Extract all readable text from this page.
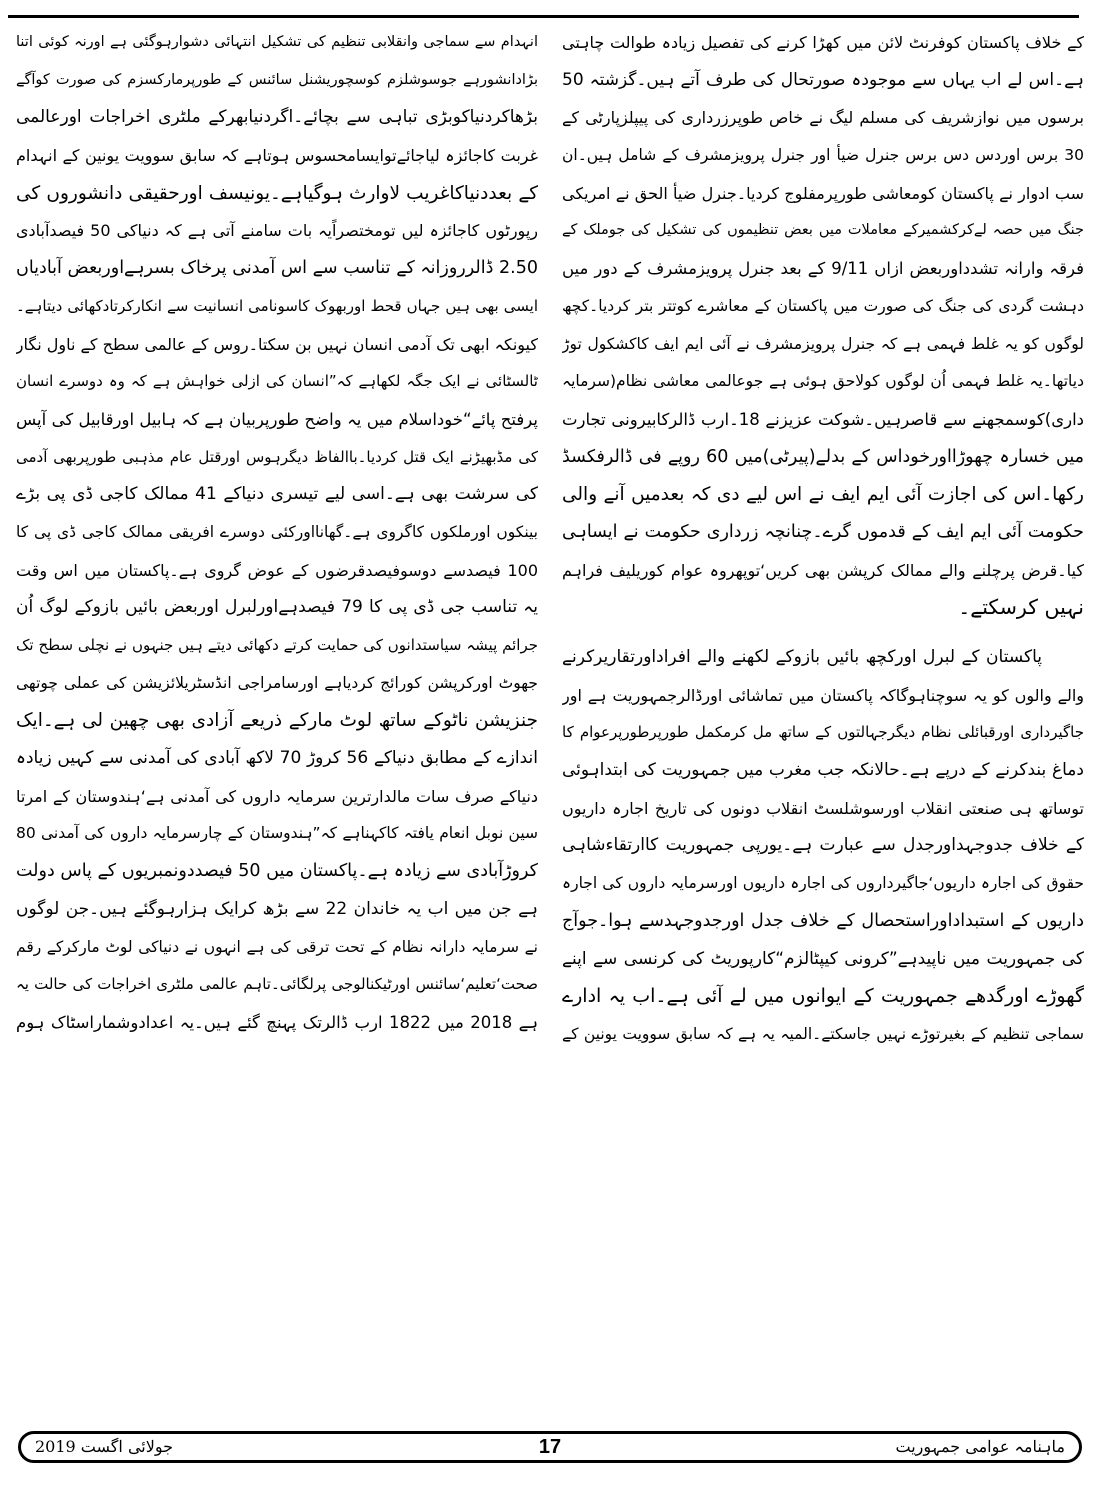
کے خلاف پاکستان کوفرنٹ لائن میں کھڑا کرنے کی تفصیل زیادہ طوالت چاہتی
ہے۔اس لے اب یہاں سے موجودہ صورتحال کی طرف آتے ہیں۔گزشتہ 50
برسوں میں نوازشریف کی مسلم لیگ نے خاص طوپرزرداری کی پیپلزپارٹی کے
30 برس اوردس دس برس جنرل ضیأ اور جنرل پرویزمشرف کے شامل ہیں۔ان
سب ادوار نے پاکستان کومعاشی طورپرمفلوج کردیا۔جنرل ضیأ الحق نے امریکی
جنگ میں حصہ لےکرکشمیرکے معاملات میں بعض تنظیموں کی تشکیل کی جوملک کے
فرقہ وارانہ تشدداوربعض ازاں 9/11 کے بعد جنرل پرویزمشرف کے دور میں
دہشت گردی کی جنگ کی صورت میں پاکستان کے معاشرے کوتتر بتر کردیا۔کچھ
لوگوں کو یہ غلط فہمی ہے کہ جنرل پرویزمشرف نے آئی ایم ایف کاکشکول توڑ
دیاتھا۔یہ غلط فہمی اُن لوگوں کولاحق ہوئی ہے جوعالمی معاشی نظام(سرمایہ
داری)کوسمجھنے سے قاصرہیں۔شوکت عزیزنے 18۔ارب ڈالرکابیرونی تجارت
میں خسارہ چھوڑااورخوداس کے بدلے(پیرٹی)میں 60 روپے فی ڈالرفکسڈ
رکھا۔اس کی اجازت آئی ایم ایف نے اس لیے دی کہ بعدمیں آنے والی
حکومت آئی ایم ایف کے قدموں گرے۔چنانچہ زرداری حکومت نے ایساہی
کیا۔قرض پرچلنے والے ممالک کرپشن بھی کریں‘توپھروہ عوام کوریلیف فراہم
نہیں کرسکتے۔
پاکستان کے لبرل اورکچھ بائیں بازوکے لکھنے والے افراداورتقاریرکرنے
والے والوں کو یہ سوچناہوگاکہ پاکستان میں تماشائی اورڈالرجمہوریت ہے اور
جاگیرداری اورقبائلی نظام دیگرجہالتوں کے ساتھ مل کرمکمل طورپرطورپرعوام کا
دماغ بندکرنے کے درپے ہے۔حالانکہ جب مغرب میں جمہوریت کی ابتداہوئی
توساتھ ہی صنعتی انقلاب اورسوشلسٹ انقلاب دونوں کی تاریخ اجارہ داریوں
کے خلاف جدوجہداورجدل سے عبارت ہے۔یورپی جمہوریت کاارتقاءشاہی
حقوق کی اجارہ داریوں‘جاگیرداروں کی اجارہ داریوں اورسرمایہ داروں کی اجارہ
داریوں کے استبداداوراستحصال کے خلاف جدل اورجدوجہدسے ہوا۔جوآج
کی جمہوریت میں ناپیدہے”کرونی کیپٹالزم“کارپوریٹ کی کرنسی سے اپنے
گھوڑے اورگدھے جمہوریت کے ایوانوں میں لے آئی ہے۔اب یہ ادارے
سماجی تنظیم کے بغیرتوڑے نہیں جاسکتے۔المیہ یہ ہے کہ سابق سوویت یونین کے
انہدام سے سماجی وانقلابی تنظیم کی تشکیل انتہائی دشوارہوگئی ہے اورنہ کوئی اتنا
بڑادانشورہے جوسوشلزم کوسچوریشنل سائنس کے طورپرمارکسزم کی صورت کوآگے
بڑھاکردنیاکوبڑی تباہی سے بچائے۔اگردنیابھرکے ملٹری اخراجات اورعالمی
غربت کاجائزہ لیاجائےتوایسامحسوس ہوتاہے کہ سابق سوویت یونین کے انہدام
کے بعددنیاکاغریب لاوارث ہوگیاہے۔یونیسف اورحقیقی دانشوروں کی
رپورٹوں کاجائزہ لیں تومختصراًیہ بات سامنے آتی ہے کہ دنیاکی 50 فیصدآبادی
2.50 ڈالرروزانہ کے تناسب سے اس آمدنی پرخاک بسرہےاوربعض آبادیاں
ایسی بھی ہیں جہاں قحط اوربھوک کاسونامی انسانیت سے انکارکرتادکھائی دیتاہے۔
کیونکہ ابھی تک آدمی انسان نہیں بن سکتا۔روس کے عالمی سطح کے ناول نگار
ٹالسٹائی نے ایک جگہ لکھاہے کہ”انسان کی ازلی خواہش ہے کہ وہ دوسرے انسان
پرفتح پائے“خوداسلام میں یہ واضح طورپربیان ہے کہ ہابیل اورقابیل کی آپس
کی مڈبھیڑنے ایک قتل کردیا۔باالفاظ دیگرہوس اورقتل عام مذہبی طورپربھی آدمی
کی سرشت بھی ہے۔اسی لیے تیسری دنیاکے 41 ممالک کاجی ڈی پی بڑے
بینکوں اورملکوں کاگروی ہے۔گھانااورکئی دوسرے افریقی ممالک کاجی ڈی پی کا
100 فیصدسے دوسوفیصدقرضوں کے عوض گروی ہے۔پاکستان میں اس وقت
یہ تناسب جی ڈی پی کا 79 فیصدہےاورلبرل اوربعض بائیں بازوکے لوگ اُن
جرائم پیشہ سیاستدانوں کی حمایت کرتے دکھائی دیتے ہیں جنہوں نے نچلی سطح تک
جھوٹ اورکرپشن کورائج کردیاہے اورسامراجی انڈسٹریلائزیشن کی عملی چوتھی
جنزیشن ناٹوکے ساتھ لوٹ مارکے ذریعے آزادی بھی چھین لی ہے۔ایک
اندازے کے مطابق دنیاکے 56 کروڑ 70 لاکھ آبادی کی آمدنی سے کہیں زیادہ
دنیاکے صرف سات مالدارترین سرمایہ داروں کی آمدنی ہے‘ہندوستان کے امرتا
سین نوبل انعام یافتہ کاکہناہے کہ”ہندوستان کے چارسرمایہ داروں کی آمدنی 80
کروڑآبادی سے زیادہ ہے۔پاکستان میں 50 فیصددونمبریوں کے پاس دولت
ہے جن میں اب یہ خاندان 22 سے بڑھ کرایک ہزارہوگئے ہیں۔جن لوگوں
نے سرمایہ دارانہ نظام کے تحت ترقی کی ہے انہوں نے دنیاکی لوٹ مارکرکے رقم
صحت‘تعلیم‘سائنس اورٹیکنالوجی پرلگائی۔تاہم عالمی ملٹری اخراجات کی حالت یہ
ہے 2018 میں 1822 ارب ڈالرتک پہنچ گئے ہیں۔یہ اعدادوشماراسٹاک ہوم
ماہنامہ عوامی جمہوریت
17
جولائی اگست 2019
